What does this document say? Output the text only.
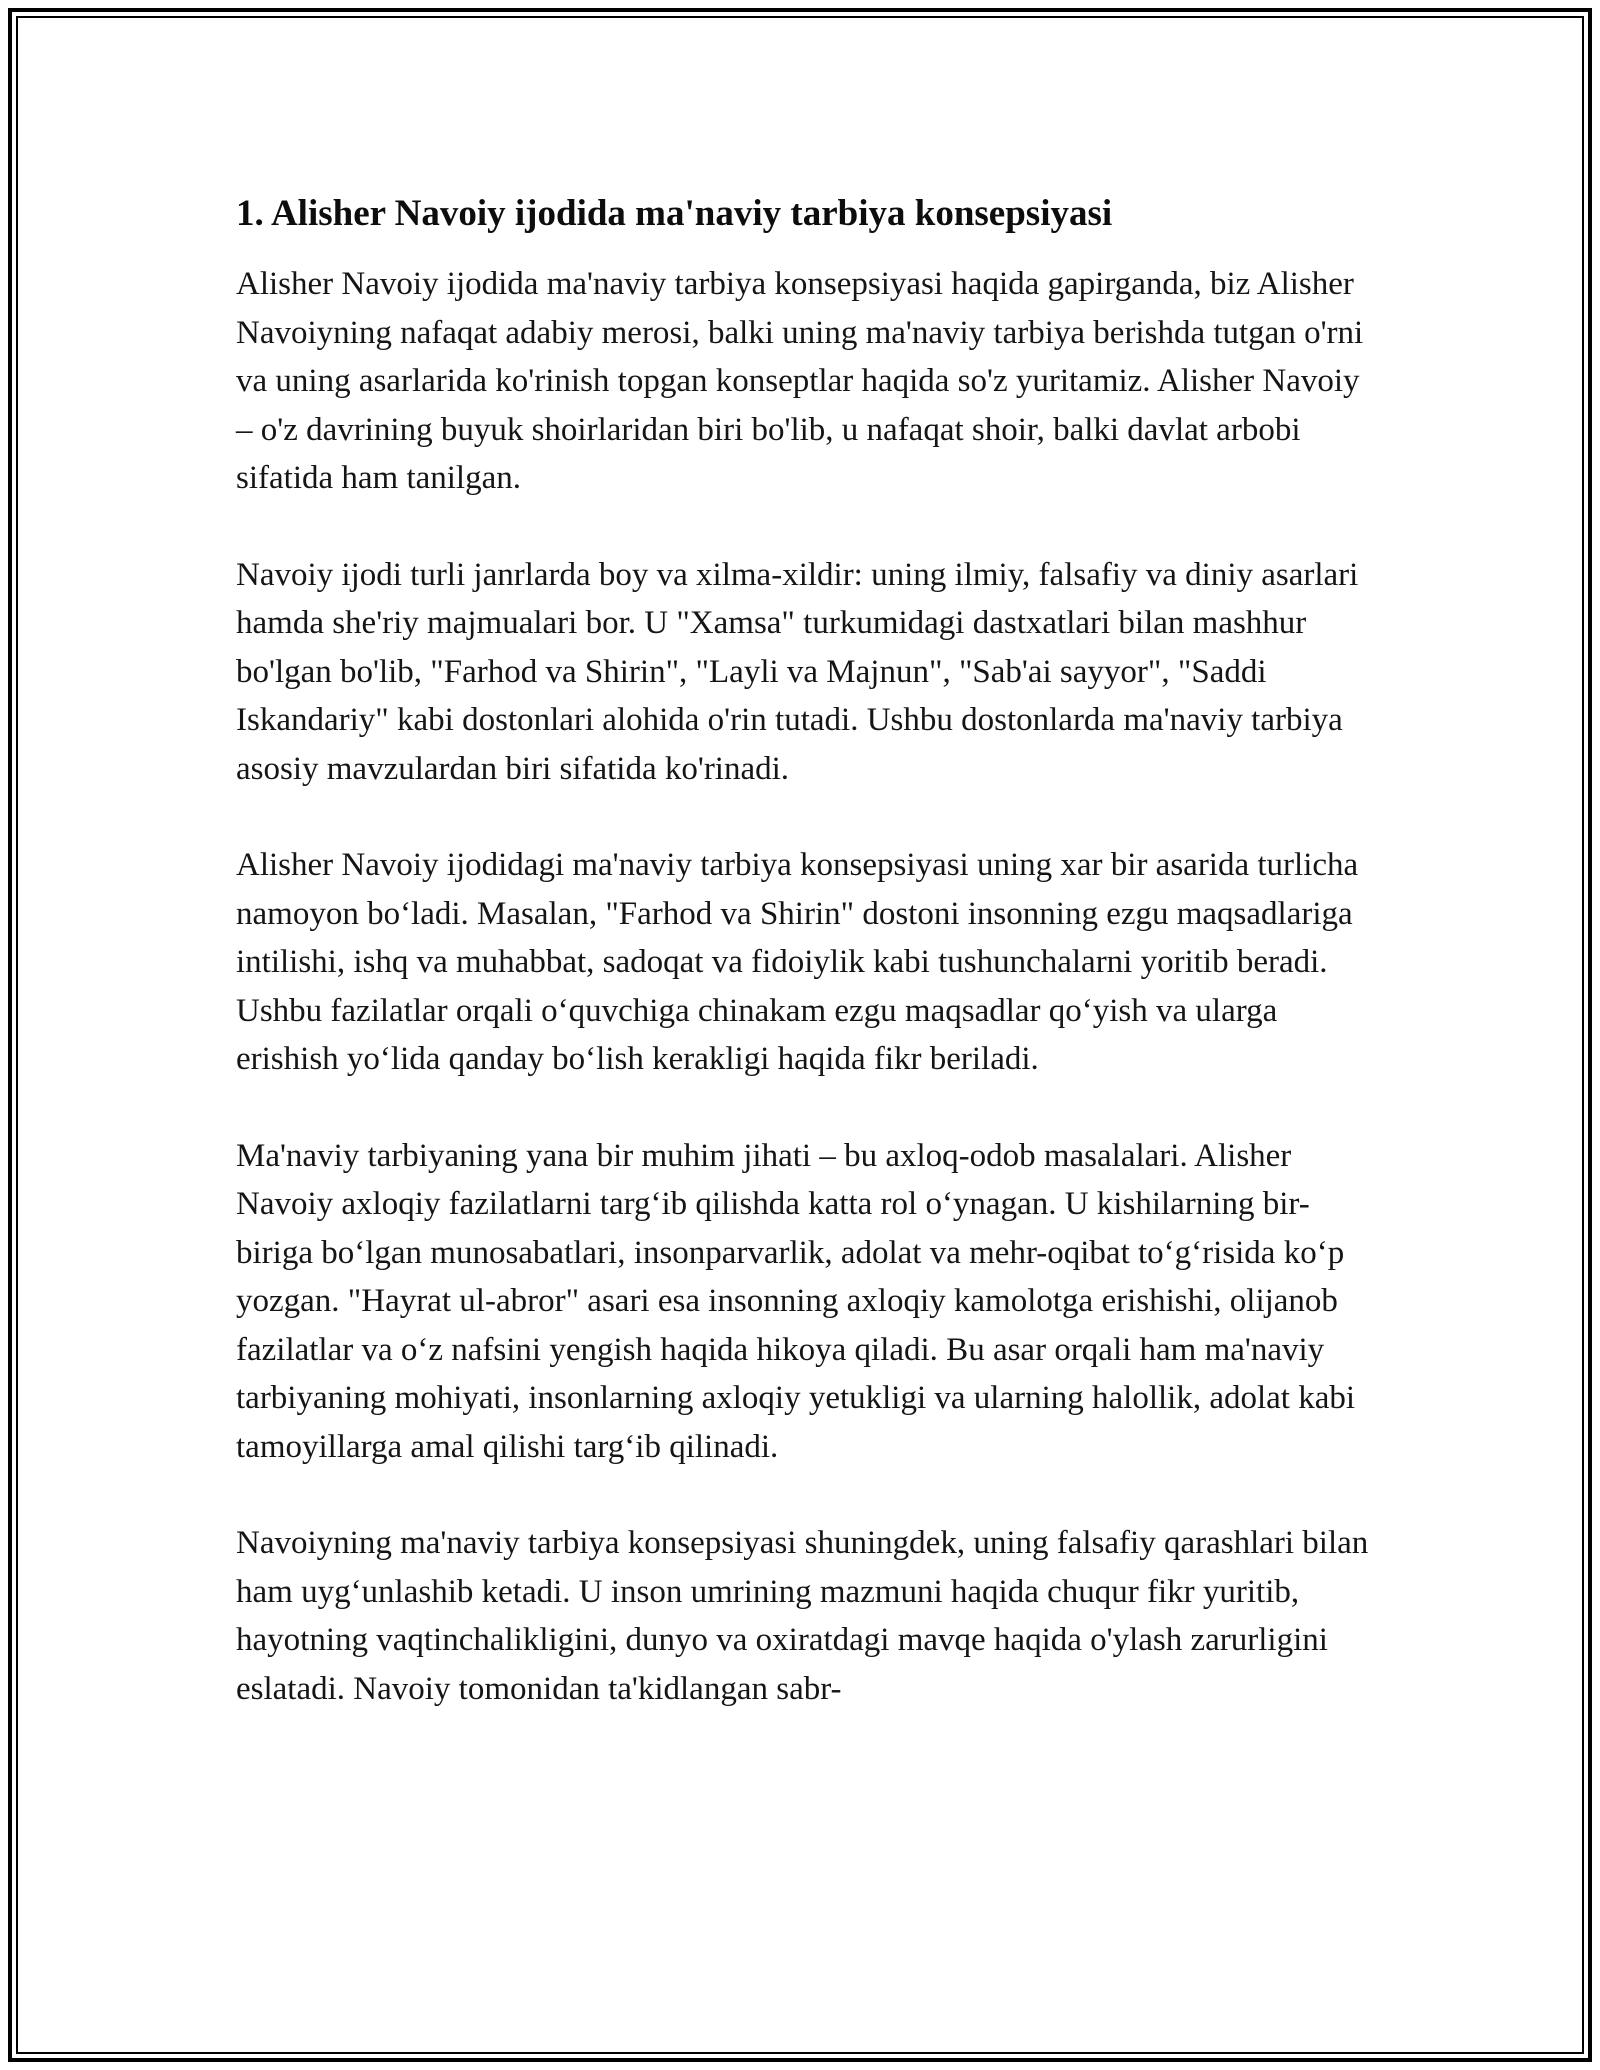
1. Alisher Navoiy ijodida ma'naviy tarbiya konsepsiyasi

Alisher Navoiy ijodida ma'naviy tarbiya konsepsiyasi haqida gapirganda, biz Alisher Navoiyning nafaqat adabiy merosi, balki uning ma'naviy tarbiya berishda tutgan o'rni va uning asarlarida ko'rinish topgan konseptlar haqida so'z yuritamiz. Alisher Navoiy – o'z davrining buyuk shoirlaridan biri bo'lib, u nafaqat shoir, balki davlat arbobi sifatida ham tanilgan.

Navoiy ijodi turli janrlarda boy va xilma-xildir: uning ilmiy, falsafiy va diniy asarlari hamda she'riy majmualari bor. U "Xamsa" turkumidagi dastxatlari bilan mashhur bo'lgan bo'lib, "Farhod va Shirin", "Layli va Majnun", "Sab'ai sayyor", "Saddi Iskandariy" kabi dostonlari alohida o'rin tutadi. Ushbu dostonlarda ma'naviy tarbiya asosiy mavzulardan biri sifatida ko'rinadi.

Alisher Navoiy ijodidagi ma'naviy tarbiya konsepsiyasi uning xar bir asarida turlicha namoyon boʻladi. Masalan, "Farhod va Shirin" dostoni insonning ezgu maqsadlariga intilishi, ishq va muhabbat, sadoqat va fidoiylik kabi tushunchalarni yoritib beradi. Ushbu fazilatlar orqali oʻquvchiga chinakam ezgu maqsadlar qoʻyish va ularga erishish yoʻlida qanday boʻlish kerakligi haqida fikr beriladi.

Ma'naviy tarbiyaning yana bir muhim jihati – bu axloq-odob masalalari. Alisher Navoiy axloqiy fazilatlarni targʻib qilishda katta rol oʻynagan. U kishilarning bir-biriga boʻlgan munosabatlari, insonparvarlik, adolat va mehr-oqibat toʻgʻrisida koʻp yozgan. "Hayrat ul-abror" asari esa insonning axloqiy kamolotga erishishi, olijanob fazilatlar va oʻz nafsini yengish haqida hikoya qiladi. Bu asar orqali ham ma'naviy tarbiyaning mohiyati, insonlarning axloqiy yetukligi va ularning halollik, adolat kabi tamoyillarga amal qilishi targʻib qilinadi.

Navoiyning ma'naviy tarbiya konsepsiyasi shuningdek, uning falsafiy qarashlari bilan ham uygʻunlashib ketadi. U inson umrining mazmuni haqida chuqur fikr yuritib, hayotning vaqtinchalikligini, dunyo va oxiratdagi mavqe haqida o'ylash zarurligini eslatadi. Navoiy tomonidan ta'kidlangan sabr-
